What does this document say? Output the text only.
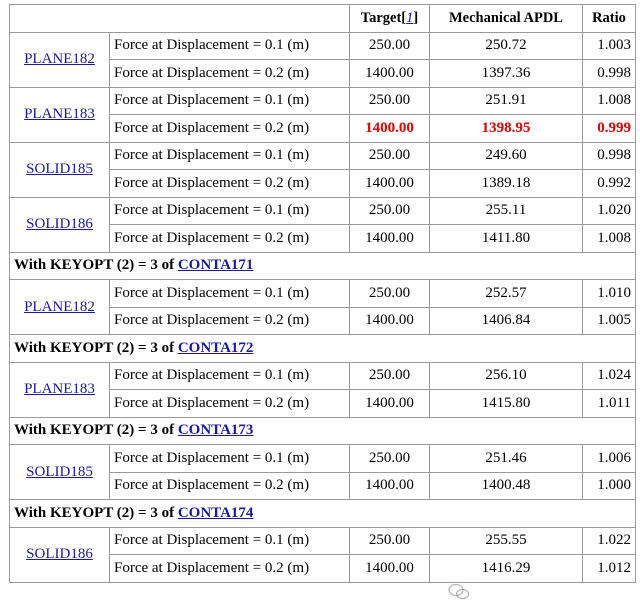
		Target[1]	Mechanical APDL	Ratio
PLANE182	Force at Displacement = 0.1 (m)	250.00	250.72	1.003
	Force at Displacement = 0.2 (m)	1400.00	1397.36	0.998
PLANE183	Force at Displacement = 0.1 (m)	250.00	251.91	1.008
	Force at Displacement = 0.2 (m)	1400.00	1398.95	0.999
SOLID185	Force at Displacement = 0.1 (m)	250.00	249.60	0.998
	Force at Displacement = 0.2 (m)	1400.00	1389.18	0.992
SOLID186	Force at Displacement = 0.1 (m)	250.00	255.11	1.020
	Force at Displacement = 0.2 (m)	1400.00	1411.80	1.008
With KEYOPT (2) = 3 of CONTA171				
PLANE182	Force at Displacement = 0.1 (m)	250.00	252.57	1.010
	Force at Displacement = 0.2 (m)	1400.00	1406.84	1.005
With KEYOPT (2) = 3 of CONTA172				
PLANE183	Force at Displacement = 0.1 (m)	250.00	256.10	1.024
	Force at Displacement = 0.2 (m)	1400.00	1415.80	1.011
With KEYOPT (2) = 3 of CONTA173				
SOLID185	Force at Displacement = 0.1 (m)	250.00	251.46	1.006
	Force at Displacement = 0.2 (m)	1400.00	1400.48	1.000
With KEYOPT (2) = 3 of CONTA174				
SOLID186	Force at Displacement = 0.1 (m)	250.00	255.55	1.022
	Force at Displacement = 0.2 (m)	1400.00	1416.29	1.012
